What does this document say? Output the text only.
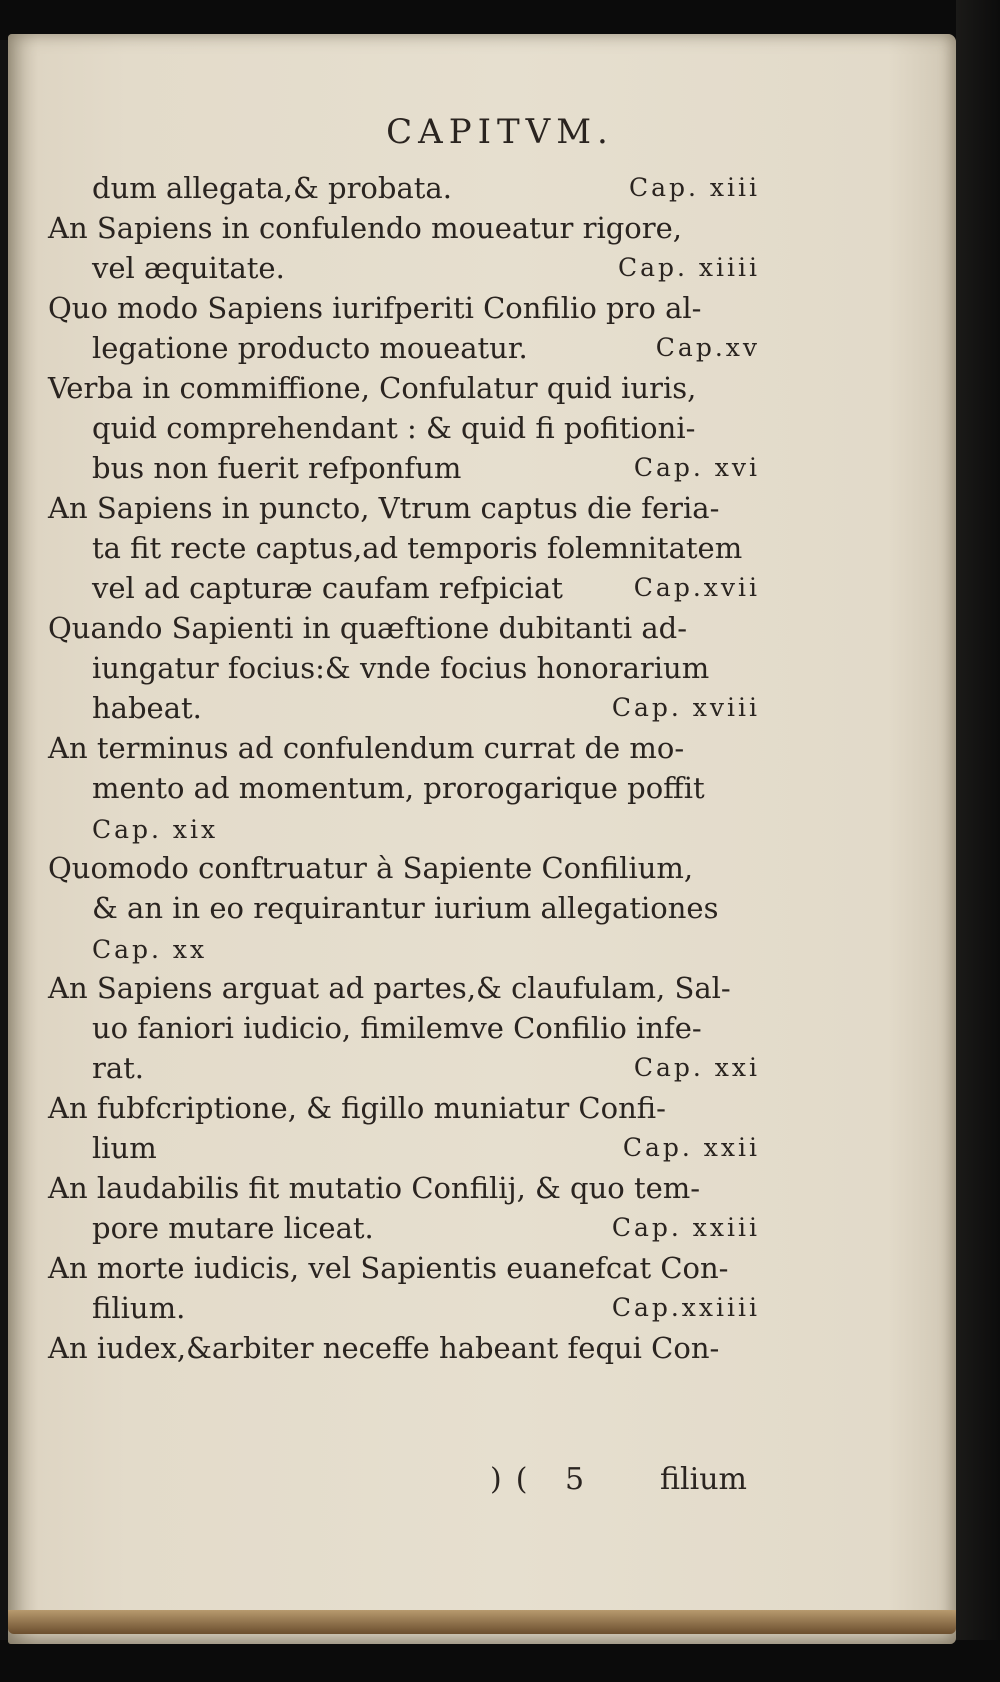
CAPITVM.
Cap. xiii
dum allegata,& probata.
An Sapiens in confulendo moueatur rigore,
Cap. xiiii
vel æquitate.
Quo modo Sapiens iurifperiti Confilio pro al-
Cap.xv
legatione producto moueatur.
Verba in commiffione, Confulatur quid iuris,
quid comprehendant : & quid fi pofitioni-
Cap. xvi
bus non fuerit refponfum
An Sapiens in puncto, Vtrum captus die feria-
ta fit recte captus,ad temporis folemnitatem
Cap.xvii
vel ad capturæ caufam refpiciat
Quando Sapienti in quæftione dubitanti ad-
iungatur focius:& vnde focius honorarium
Cap. xviii
habeat.
An terminus ad confulendum currat de mo-
mento ad momentum, prorogarique poffit
Cap. xix
Quomodo conftruatur à Sapiente Confilium,
& an in eo requirantur iurium allegationes
Cap. xx
An Sapiens arguat ad partes,& claufulam, Sal-
uo faniori iudicio, fimilemve Confilio infe-
Cap. xxi
rat.
An fubfcriptione, & figillo muniatur Confi-
Cap. xxii
lium
An laudabilis fit mutatio Confilij, & quo tem-
Cap. xxiii
pore mutare liceat.
An morte iudicis, vel Sapientis euanefcat Con-
Cap.xxiiii
filium.
An iudex,&arbiter neceffe habeant fequi Con-
)( 5 filium
